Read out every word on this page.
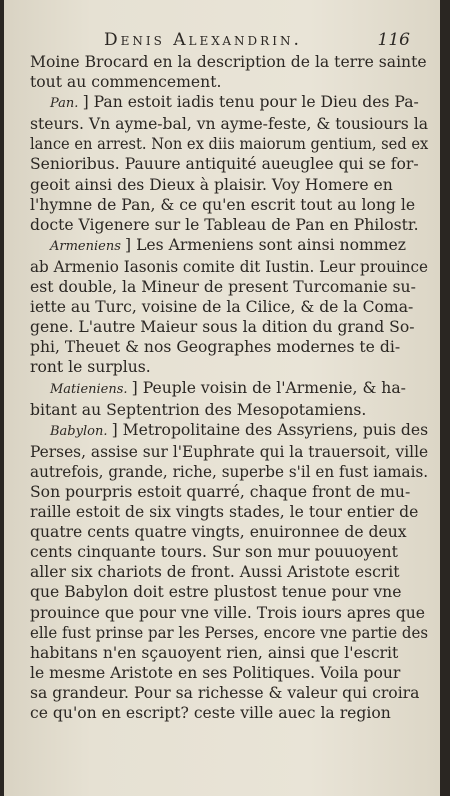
Denis Alexandrin.	116
Moine Brocard en la description de la terre sainte
tout au commencement.
Pan. ] Pan estoit iadis tenu pour le Dieu des Pa-
steurs. Vn ayme-bal, vn ayme-feste, & tousiours la
lance en arrest. Non ex diis maiorum gentium, sed ex
Senioribus. Pauure antiquité aueuglee qui se for-
geoit ainsi des Dieux à plaisir. Voy Homere en
l'hymne de Pan, & ce qu'en escrit tout au long le
docte Vigenere sur le Tableau de Pan en Philostr.
Armeniens ] Les Armeniens sont ainsi nommez
ab Armenio Iasonis comite dit Iustin. Leur prouince
est double, la Mineur de present Turcomanie su-
iette au Turc, voisine de la Cilice, & de la Coma-
gene. L'autre Maieur sous la dition du grand So-
phi, Theuet & nos Geographes modernes te di-
ront le surplus.
Matieniens. ] Peuple voisin de l'Armenie, & ha-
bitant au Septentrion des Mesopotamiens.
Babylon. ] Metropolitaine des Assyriens, puis des
Perses, assise sur l'Euphrate qui la trauersoit, ville
autrefois, grande, riche, superbe s'il en fust iamais.
Son pourpris estoit quarré, chaque front de mu-
raille estoit de six vingts stades, le tour entier de
quatre cents quatre vingts, enuironnee de deux
cents cinquante tours. Sur son mur pouuoyent
aller six chariots de front. Aussi Aristote escrit
que Babylon doit estre plustost tenue pour vne
prouince que pour vne ville. Trois iours apres que
elle fust prinse par les Perses, encore vne partie des
habitans n'en sçauoyent rien, ainsi que l'escrit
le mesme Aristote en ses Politiques. Voila pour
sa grandeur. Pour sa richesse & valeur qui croira
ce qu'on en escript? ceste ville auec la region
